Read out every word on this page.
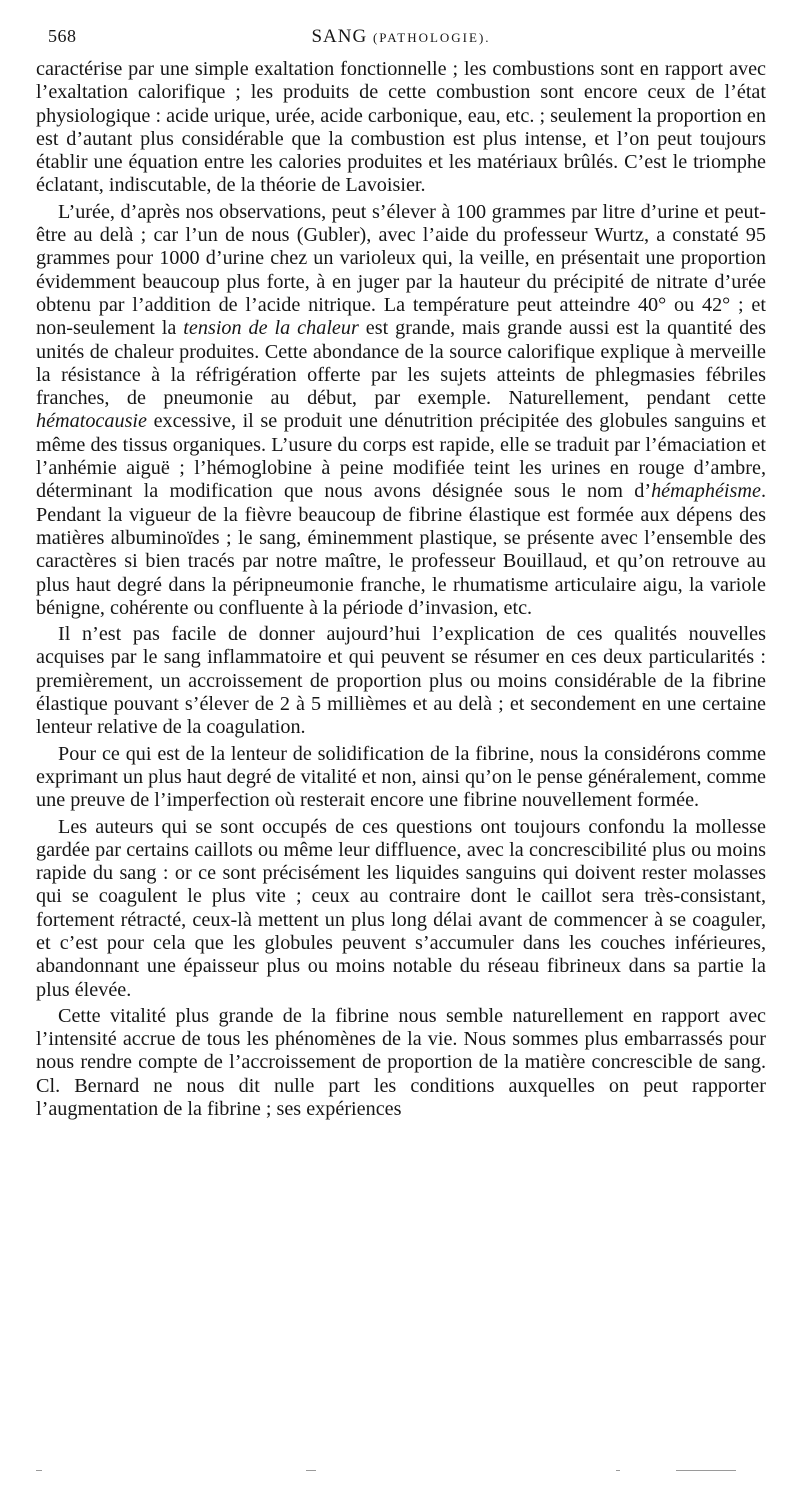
568	SANG (PATHOLOGIE).

caractérise par une simple exaltation fonctionnelle ; les combustions sont en rapport avec l’exaltation calorifique ; les produits de cette combustion sont encore ceux de l’état physiologique : acide urique, urée, acide carbonique, eau, etc. ; seulement la proportion en est d’autant plus considérable que la combustion est plus intense, et l’on peut toujours établir une équation entre les calories produites et les matériaux brûlés. C’est le triomphe éclatant, indiscutable, de la théorie de Lavoisier.

L’urée, d’après nos observations, peut s’élever à 100 grammes par litre d’urine et peut-être au delà ; car l’un de nous (Gubler), avec l’aide du professeur Wurtz, a constaté 95 grammes pour 1000 d’urine chez un varioleux qui, la veille, en présentait une proportion évidemment beaucoup plus forte, à en juger par la hauteur du précipité de nitrate d’urée obtenu par l’addition de l’acide nitrique. La température peut atteindre 40° ou 42° ; et non-seulement la tension de la chaleur est grande, mais grande aussi est la quantité des unités de chaleur produites. Cette abondance de la source calorifique explique à merveille la résistance à la réfrigération offerte par les sujets atteints de phlegmasies fébriles franches, de pneumonie au début, par exemple. Naturellement, pendant cette hématocausie excessive, il se produit une dénutrition précipitée des globules sanguins et même des tissus organiques. L’usure du corps est rapide, elle se traduit par l’émaciation et l’anhémie aiguë ; l’hémoglobine à peine modifiée teint les urines en rouge d’ambre, déterminant la modification que nous avons désignée sous le nom d’hémaphéisme. Pendant la vigueur de la fièvre beaucoup de fibrine élastique est formée aux dépens des matières albuminoïdes ; le sang, éminemment plastique, se présente avec l’ensemble des caractères si bien tracés par notre maître, le professeur Bouillaud, et qu’on retrouve au plus haut degré dans la péripneumonie franche, le rhumatisme articulaire aigu, la variole bénigne, cohérente ou confluente à la période d’invasion, etc.

Il n’est pas facile de donner aujourd’hui l’explication de ces qualités nouvelles acquises par le sang inflammatoire et qui peuvent se résumer en ces deux particularités : premièrement, un accroissement de proportion plus ou moins considérable de la fibrine élastique pouvant s’élever de 2 à 5 millièmes et au delà ; et secondement en une certaine lenteur relative de la coagulation.

Pour ce qui est de la lenteur de solidification de la fibrine, nous la considérons comme exprimant un plus haut degré de vitalité et non, ainsi qu’on le pense généralement, comme une preuve de l’imperfection où resterait encore une fibrine nouvellement formée.

Les auteurs qui se sont occupés de ces questions ont toujours confondu la mollesse gardée par certains caillots ou même leur diffluence, avec la concrescibilité plus ou moins rapide du sang : or ce sont précisément les liquides sanguins qui doivent rester molasses qui se coagulent le plus vite ; ceux au contraire dont le caillot sera très-consistant, fortement rétracté, ceux-là mettent un plus long délai avant de commencer à se coaguler, et c’est pour cela que les globules peuvent s’accumuler dans les couches inférieures, abandonnant une épaisseur plus ou moins notable du réseau fibrineux dans sa partie la plus élevée.

Cette vitalité plus grande de la fibrine nous semble naturellement en rapport avec l’intensité accrue de tous les phénomènes de la vie. Nous sommes plus embarrassés pour nous rendre compte de l’accroissement de proportion de la matière concrescible de sang. Cl. Bernard ne nous dit nulle part les conditions auxquelles on peut rapporter l’augmentation de la fibrine ; ses expériences
